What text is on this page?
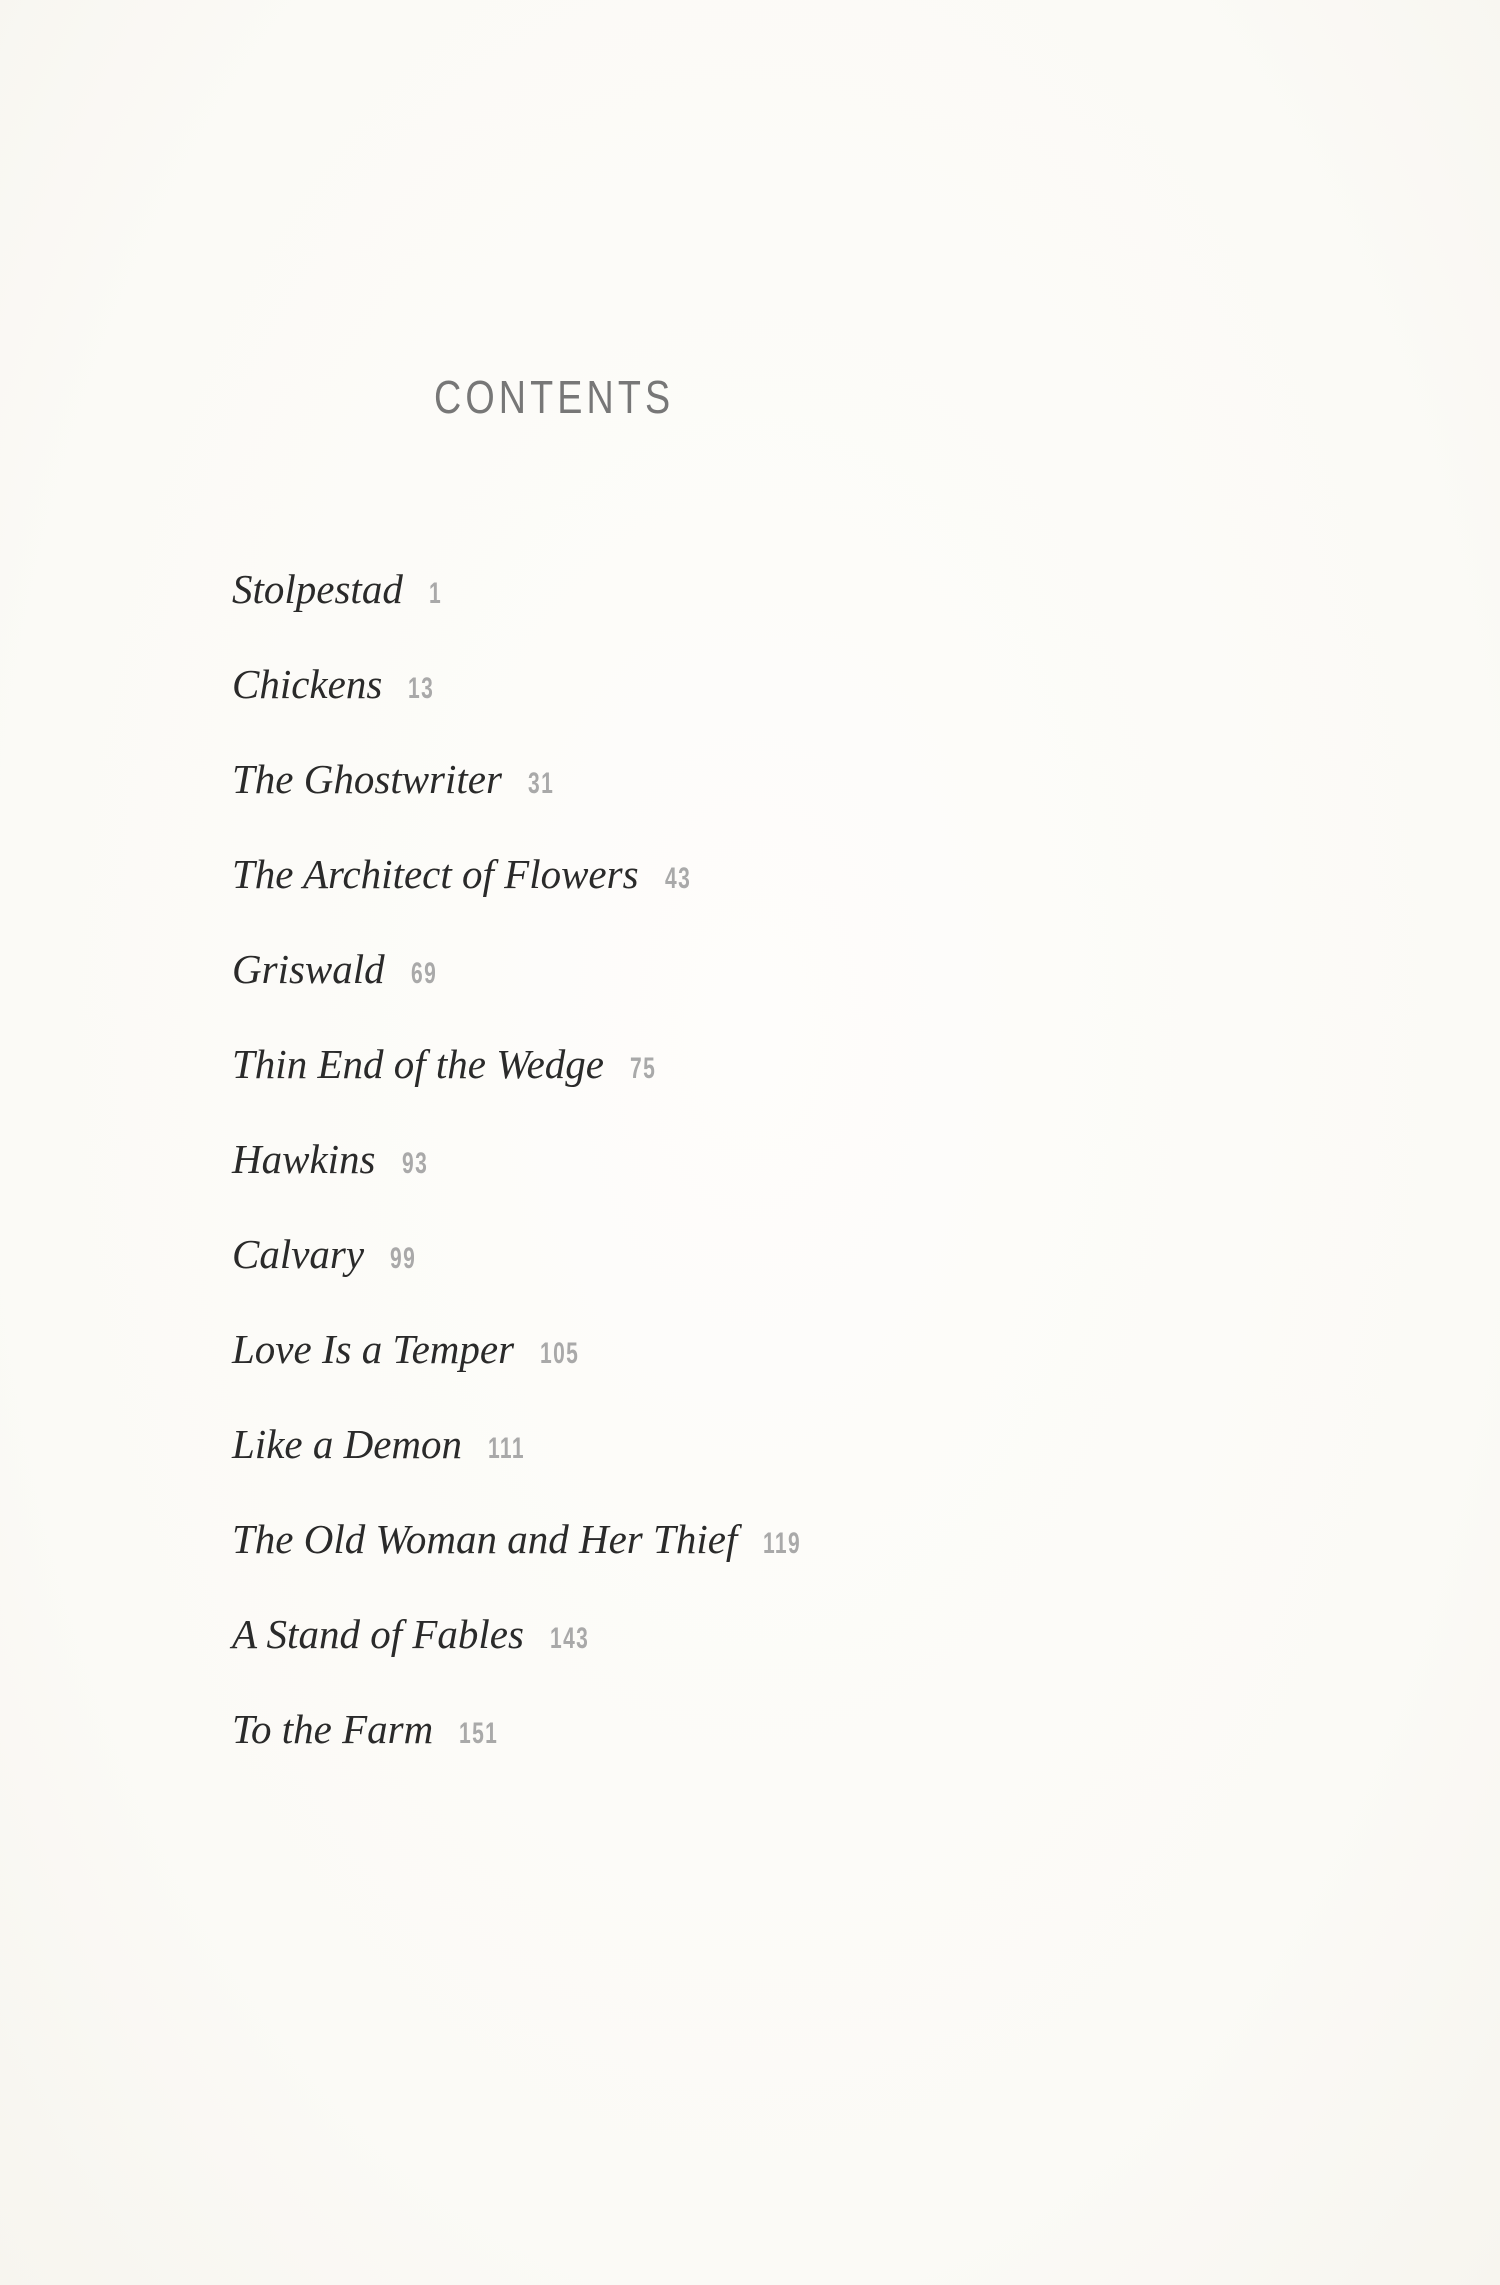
CONTENTS
Stolpestad 1
Chickens 13
The Ghostwriter 31
The Architect of Flowers 43
Griswald 69
Thin End of the Wedge 75
Hawkins 93
Calvary 99
Love Is a Temper 105
Like a Demon 111
The Old Woman and Her Thief 119
A Stand of Fables 143
To the Farm 151
